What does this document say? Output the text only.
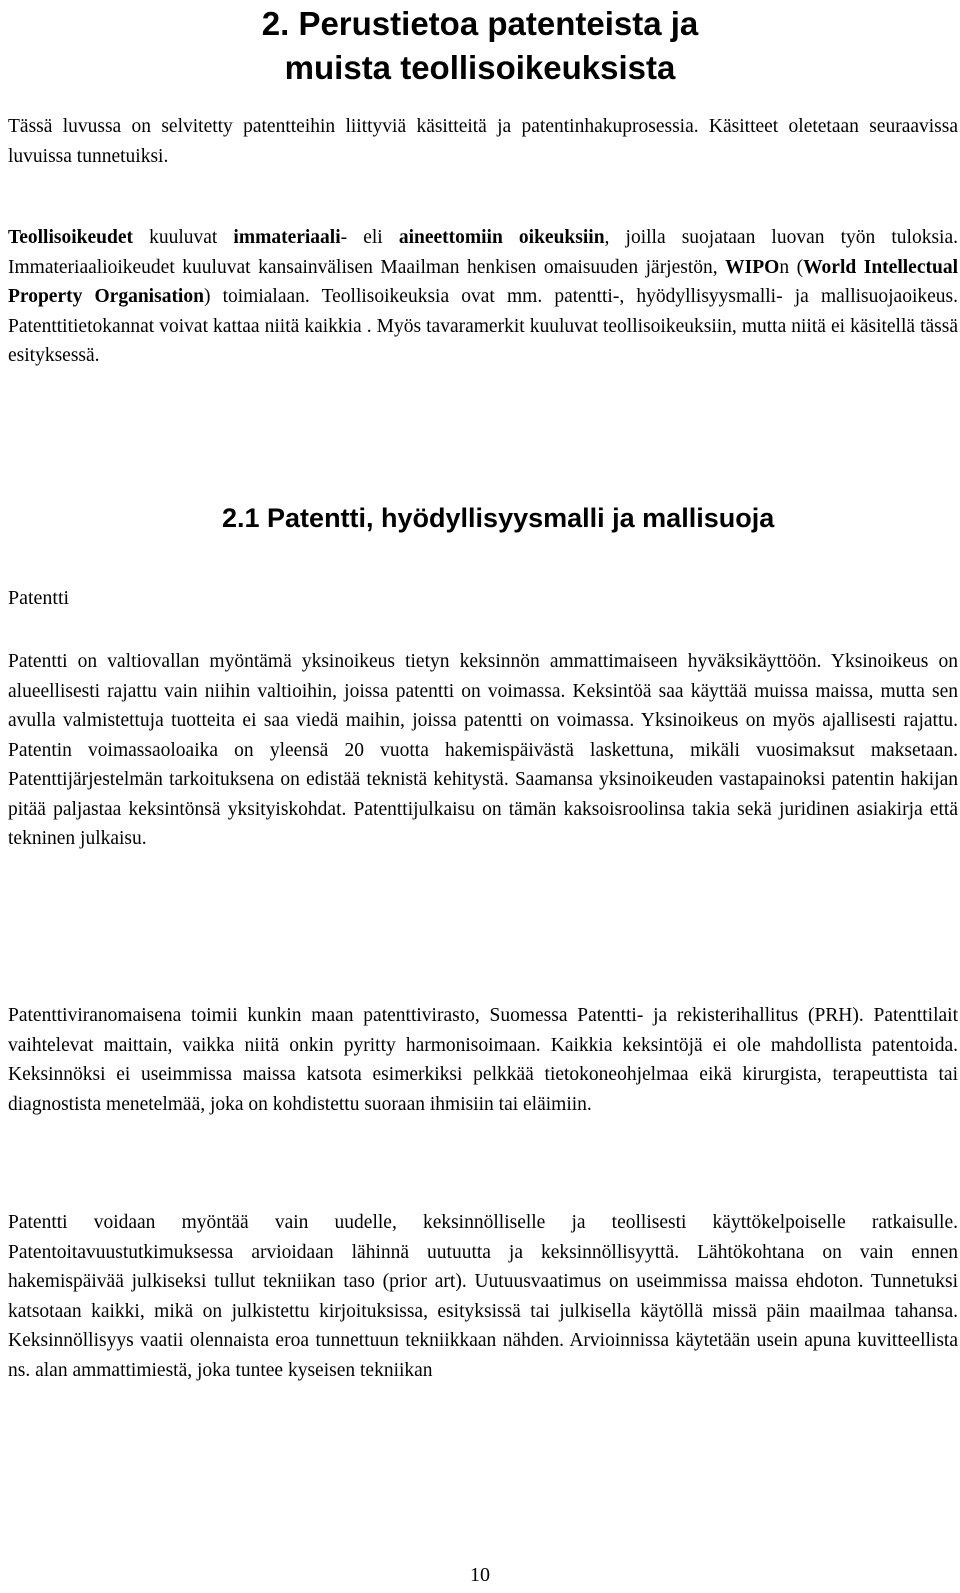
2. Perustietoa patenteista ja
muista teollisoikeuksista

Tässä luvussa on selvitetty patentteihin liittyviä käsitteitä ja patentinhakuprosessia. Käsitteet oletetaan seuraavissa luvuissa tunnetuiksi.

Teollisoikeudet kuuluvat immateriaali- eli aineettomiin oikeuksiin, joilla suojataan luovan työn tuloksia. Immateriaalioikeudet kuuluvat kansainvälisen Maailman henkisen omaisuuden järjestön, WIPOn (World Intellectual Property Organisation) toimialaan. Teollisoikeuksia ovat mm. patentti-, hyödyllisyysmalli- ja mallisuojaoikeus. Patenttitietokannat voivat kattaa niitä kaikkia . Myös tavaramerkit kuuluvat teollisoikeuksiin, mutta niitä ei käsitellä tässä esityksessä.

2.1 Patentti, hyödyllisyysmalli ja mallisuoja
Patentti

Patentti on valtiovallan myöntämä yksinoikeus tietyn keksinnön ammattimaiseen hyväksikäyttöön. Yksinoikeus on alueellisesti rajattu vain niihin valtioihin, joissa patentti on voimassa. Keksintöä saa käyttää muissa maissa, mutta sen avulla valmistettuja tuotteita ei saa viedä maihin, joissa patentti on voimassa. Yksinoikeus on myös ajallisesti rajattu. Patentin voimassaoloaika on yleensä 20 vuotta hakemispäivästä laskettuna, mikäli vuosimaksut maksetaan. Patenttijärjestelmän tarkoituksena on edistää teknistä kehitystä. Saamansa yksinoikeuden vastapainoksi patentin hakijan pitää paljastaa keksintönsä yksityiskohdat. Patenttijulkaisu on tämän kaksoisroolinsa takia sekä juridinen asiakirja että tekninen julkaisu.

Patenttiviranomaisena toimii kunkin maan patenttivirasto, Suomessa Patentti- ja rekisterihallitus (PRH). Patenttilait vaihtelevat maittain, vaikka niitä onkin pyritty harmonisoimaan. Kaikkia keksintöjä ei ole mahdollista patentoida. Keksinnöksi ei useimmissa maissa katsota esimerkiksi pelkkää tietokoneohjelmaa eikä kirurgista, terapeuttista tai diagnostista menetelmää, joka on kohdistettu suoraan ihmisiin tai eläimiin.

Patentti voidaan myöntää vain uudelle, keksinnölliselle ja teollisesti käyttökelpoiselle ratkaisulle. Patentoitavuustutkimuksessa arvioidaan lähinnä uutuutta ja keksinnöllisyyttä. Lähtökohtana on vain ennen hakemispäivää julkiseksi tullut tekniikan taso (prior art). Uutuusvaatimus on useimmissa maissa ehdoton. Tunnetuksi katsotaan kaikki, mikä on julkistettu kirjoituksissa, esityksissä tai julkisella käytöllä missä päin maailmaa tahansa. Keksinnöllisyys vaatii olennaista eroa tunnettuun tekniikkaan nähden. Arvioinnissa käytetään usein apuna kuvitteellista ns. alan ammattimiestä, joka tuntee kyseisen tekniikan

10
